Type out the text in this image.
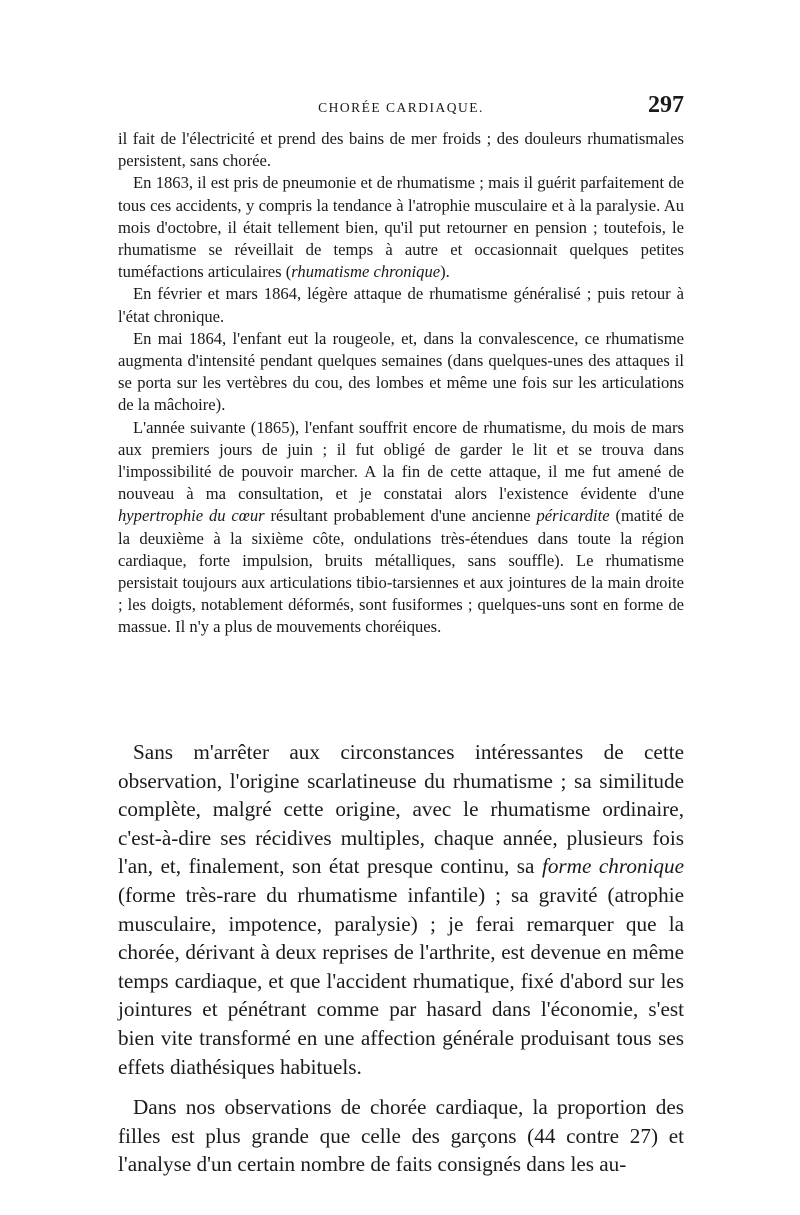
CHORÉE CARDIAQUE.	297

il fait de l'électricité et prend des bains de mer froids ; des douleurs rhumatismales persistent, sans chorée.

En 1863, il est pris de pneumonie et de rhumatisme ; mais il guérit parfaitement de tous ces accidents, y compris la tendance à l'atrophie musculaire et à la paralysie. Au mois d'octobre, il était tellement bien, qu'il put retourner en pension ; toutefois, le rhumatisme se réveillait de temps à autre et occasionnait quelques petites tuméfactions articulaires (rhumatisme chronique).

En février et mars 1864, légère attaque de rhumatisme généralisé ; puis retour à l'état chronique.

En mai 1864, l'enfant eut la rougeole, et, dans la convalescence, ce rhumatisme augmenta d'intensité pendant quelques semaines (dans quelques-unes des attaques il se porta sur les vertèbres du cou, des lombes et même une fois sur les articulations de la mâchoire).

L'année suivante (1865), l'enfant souffrit encore de rhumatisme, du mois de mars aux premiers jours de juin ; il fut obligé de garder le lit et se trouva dans l'impossibilité de pouvoir marcher. A la fin de cette attaque, il me fut amené de nouveau à ma consultation, et je constatai alors l'existence évidente d'une hypertrophie du cœur résultant probablement d'une ancienne péricardite (matité de la deuxième à la sixième côte, ondulations très-étendues dans toute la région cardiaque, forte impulsion, bruits métalliques, sans souffle). Le rhumatisme persistait toujours aux articulations tibio-tarsiennes et aux jointures de la main droite ; les doigts, notablement déformés, sont fusiformes ; quelques-uns sont en forme de massue. Il n'y a plus de mouvements choréiques.

Sans m'arrêter aux circonstances intéressantes de cette observation, l'origine scarlatineuse du rhumatisme ; sa similitude complète, malgré cette origine, avec le rhumatisme ordinaire, c'est-à-dire ses récidives multiples, chaque année, plusieurs fois l'an, et, finalement, son état presque continu, sa forme chronique (forme très-rare du rhumatisme infantile) ; sa gravité (atrophie musculaire, impotence, paralysie) ; je ferai remarquer que la chorée, dérivant à deux reprises de l'arthrite, est devenue en même temps cardiaque, et que l'accident rhumatique, fixé d'abord sur les jointures et pénétrant comme par hasard dans l'économie, s'est bien vite transformé en une affection générale produisant tous ses effets diathésiques habituels.

Dans nos observations de chorée cardiaque, la proportion des filles est plus grande que celle des garçons (44 contre 27) et l'analyse d'un certain nombre de faits consignés dans les au-
